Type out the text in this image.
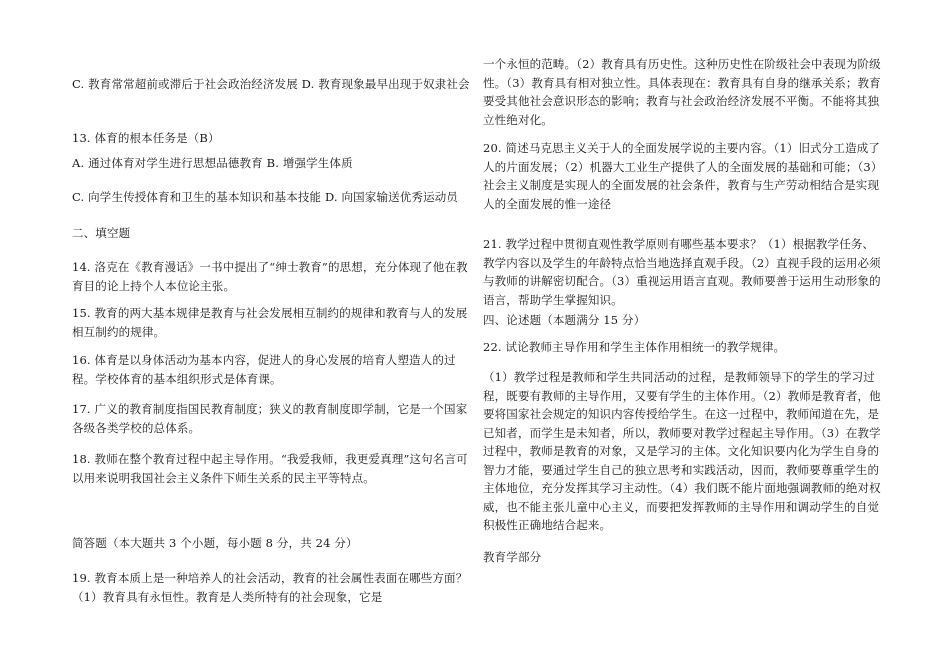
C. 教育常常超前或滞后于社会政治经济发展 D. 教育现象最早出现于奴隶社会

13. 体育的根本任务是（B）

A. 通过体育对学生进行思想品德教育 B. 增强学生体质

C. 向学生传授体育和卫生的基本知识和基本技能 D. 向国家输送优秀运动员

二、填空题

14. 洛克在《教育漫话》一书中提出了“绅士教育”的思想，充分体现了他在教育目的论上持个人本位论主张。

15. 教育的两大基本规律是教育与社会发展相互制约的规律和教育与人的发展相互制约的规律。

16. 体育是以身体活动为基本内容，促进人的身心发展的培育人塑造人的过程。学校体育的基本组织形式是体育课。

17. 广义的教育制度指国民教育制度；狭义的教育制度即学制，它是一个国家各级各类学校的总体系。

18. 教师在整个教育过程中起主导作用。“我爱我师，我更爱真理”这句名言可以用来说明我国社会主义条件下师生关系的民主平等特点。

简答题（本大题共 3 个小题，每小题 8 分，共 24 分）

19. 教育本质上是一种培养人的社会活动，教育的社会属性表面在哪些方面？（1）教育具有永恒性。教育是人类所特有的社会现象，它是

一个永恒的范畴。（2）教育具有历史性。这种历史性在阶级社会中表现为阶级性。（3）教育具有相对独立性。具体表现在：教育具有自身的继承关系；教育要受其他社会意识形态的影响；教育与社会政治经济发展不平衡。不能将其独立性绝对化。

20. 简述马克思主义关于人的全面发展学说的主要内容。（1）旧式分工造成了人的片面发展；（2）机器大工业生产提供了人的全面发展的基础和可能；（3）社会主义制度是实现人的全面发展的社会条件，教育与生产劳动相结合是实现人的全面发展的惟一途径

21. 教学过程中贯彻直观性教学原则有哪些基本要求？（1）根据教学任务、教学内容以及学生的年龄特点恰当地选择直观手段。（2）直视手段的运用必须与教师的讲解密切配合。（3）重视运用语言直观。教师要善于运用生动形象的语言，帮助学生掌握知识。

四、论述题（本题满分 15 分）

22. 试论教师主导作用和学生主体作用相统一的教学规律。

（1）教学过程是教师和学生共同活动的过程，是教师领导下的学生的学习过程，既要有教师的主导作用，又要有学生的主体作用。（2）教师是教育者，他要将国家社会规定的知识内容传授给学生。在这一过程中，教师闻道在先，是已知者，而学生是未知者，所以，教师要对教学过程起主导作用。（3）在教学过程中，教师是教育的对象，又是学习的主体。文化知识要内化为学生自身的智力才能，要通过学生自己的独立思考和实践活动，因而，教师要尊重学生的主体地位，充分发挥其学习主动性。（4）我们既不能片面地强调教师的绝对权威，也不能主张儿童中心主义，而要把发挥教师的主导作用和调动学生的自觉积极性正确地结合起来。

教育学部分
